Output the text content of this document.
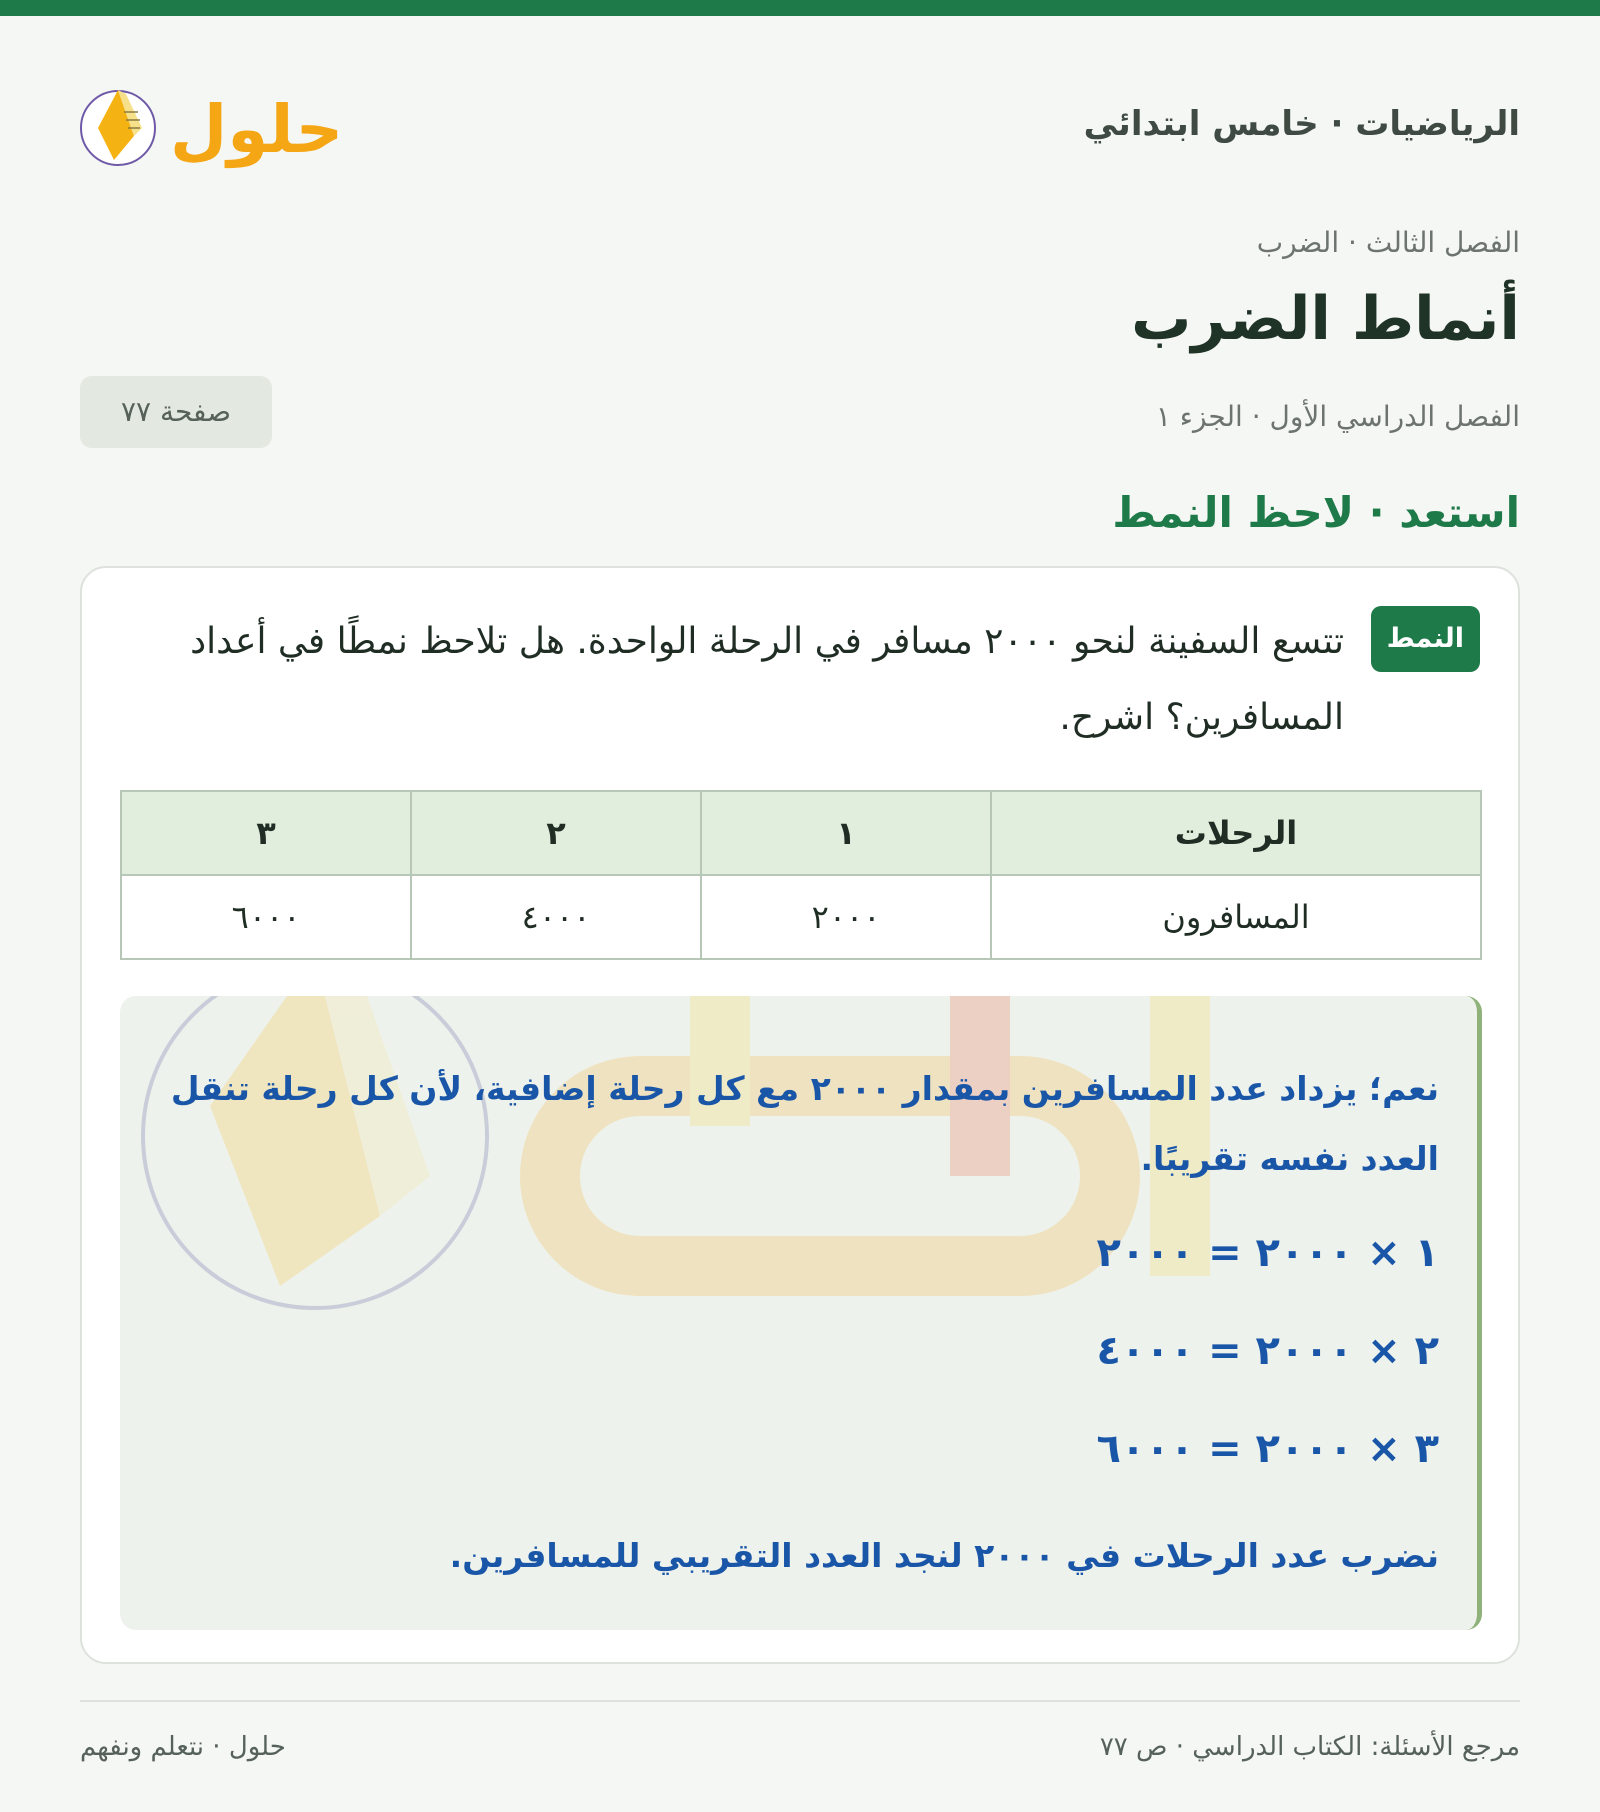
الرياضيات · خامس ابتدائي
حلول
الفصل الثالث · الضرب
أنماط الضرب
الفصل الدراسي الأول · الجزء ١
صفحة ٧٧
استعد · لاحظ النمط
النمط
تتسع السفينة لنحو ٢٠٠٠ مسافر في الرحلة الواحدة. هل تلاحظ نمطًا في أعداد المسافرين؟ اشرح.
الرحلات	١	٢	٣
المسافرون	٢٠٠٠	٤٠٠٠	٦٠٠٠
نعم؛ يزداد عدد المسافرين بمقدار ٢٠٠٠ مع كل رحلة إضافية، لأن كل رحلة تنقل العدد نفسه تقريبًا.
١ × ٢٠٠٠ = ٢٠٠٠
٢ × ٢٠٠٠ = ٤٠٠٠
٣ × ٢٠٠٠ = ٦٠٠٠
نضرب عدد الرحلات في ٢٠٠٠ لنجد العدد التقريبي للمسافرين.
مرجع الأسئلة: الكتاب الدراسي · ص ٧٧
حلول · نتعلم ونفهم
